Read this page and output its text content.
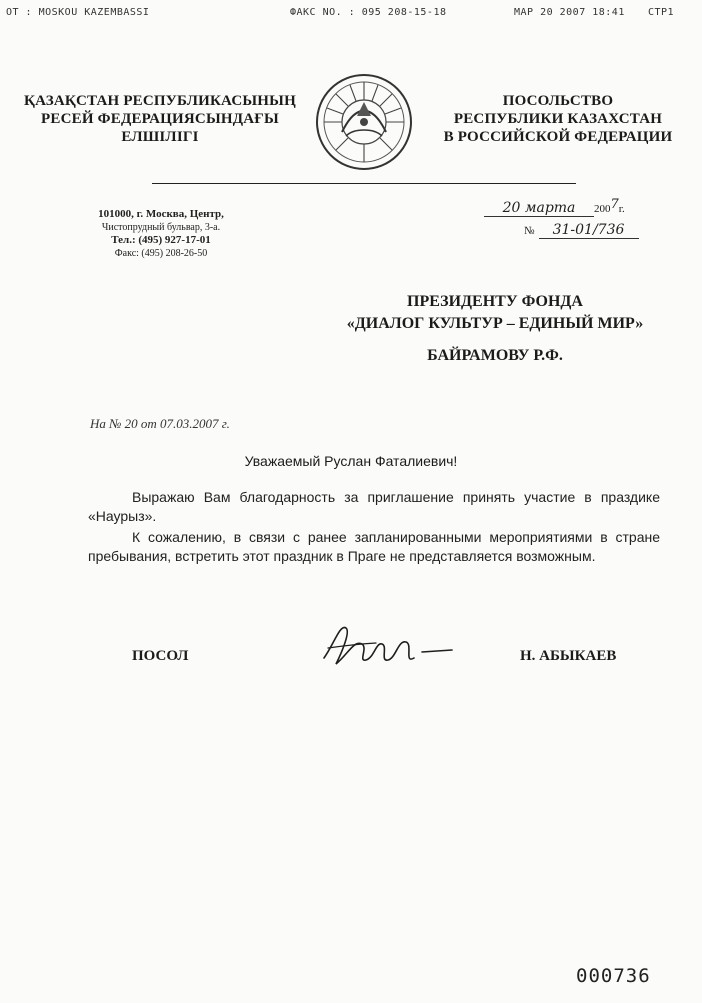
OT : MOSKOU KAZEMBASSI	ФАКС NO. : 095 208-15-18	МАР 20 2007 18:41 СТР1
ҚАЗАҚСТАН РЕСПУБЛИКАСЫНЫҢ
РЕСЕЙ ФЕДЕРАЦИЯСЫНДАҒЫ
ЕЛШІЛІГІ
ПОСОЛЬСТВО
РЕСПУБЛИКИ КАЗАХСТАН
В РОССИЙСКОЙ ФЕДЕРАЦИИ
101000, г. Москва, Центр,
Чистопрудный бульвар, 3-а.
Тел.: (495) 927-17-01
Факс: (495) 208-26-50
20 марта $200^7г$.
№ 31-01/736
ПРЕЗИДЕНТУ ФОНДА
«ДИАЛОГ КУЛЬТУР – ЕДИНЫЙ МИР»
БАЙРАМОВУ Р.Ф.
На № 20 от 07.03.2007 г.
Уважаемый Руслан Фаталиевич!

Выражаю Вам благодарность за приглашение принять участие в праздике «Наурыз».

К сожалению, в связи с ранее запланированными мероприятиями в стране пребывания, встретить этот праздник в Праге не представляется возможным.

ПОСОЛ	Н. АБЫКАЕВ
000736
